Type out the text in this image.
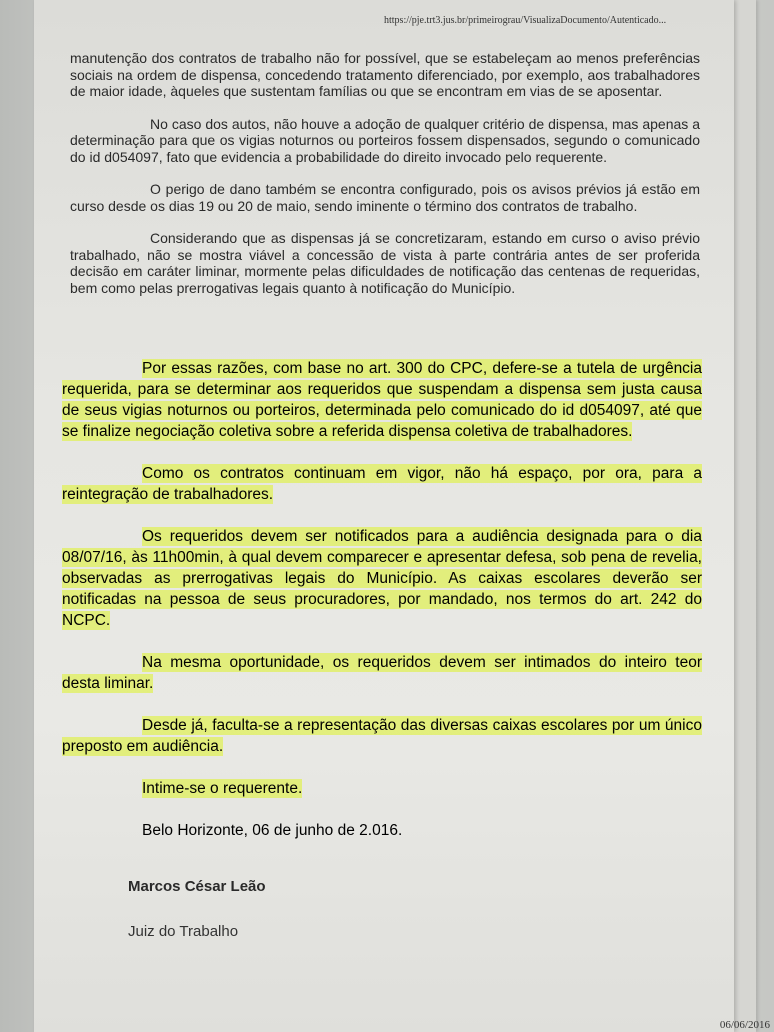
https://pje.trt3.jus.br/primeirograu/VisualizaDocumento/Autenticado...

manutenção dos contratos de trabalho não for possível, que se estabeleçam ao menos preferências sociais na ordem de dispensa, concedendo tratamento diferenciado, por exemplo, aos trabalhadores de maior idade, àqueles que sustentam famílias ou que se encontram em vias de se aposentar.

No caso dos autos, não houve a adoção de qualquer critério de dispensa, mas apenas a determinação para que os vigias noturnos ou porteiros fossem dispensados, segundo o comunicado do id d054097, fato que evidencia a probabilidade do direito invocado pelo requerente.

O perigo de dano também se encontra configurado, pois os avisos prévios já estão em curso desde os dias 19 ou 20 de maio, sendo iminente o término dos contratos de trabalho.

Considerando que as dispensas já se concretizaram, estando em curso o aviso prévio trabalhado, não se mostra viável a concessão de vista à parte contrária antes de ser proferida decisão em caráter liminar, mormente pelas dificuldades de notificação das centenas de requeridas, bem como pelas prerrogativas legais quanto à notificação do Município.

Por essas razões, com base no art. 300 do CPC, defere-se a tutela de urgência requerida, para se determinar aos requeridos que suspendam a dispensa sem justa causa de seus vigias noturnos ou porteiros, determinada pelo comunicado do id d054097, até que se finalize negociação coletiva sobre a referida dispensa coletiva de trabalhadores.

Como os contratos continuam em vigor, não há espaço, por ora, para a reintegração de trabalhadores.

Os requeridos devem ser notificados para a audiência designada para o dia 08/07/16, às 11h00min, à qual devem comparecer e apresentar defesa, sob pena de revelia, observadas as prerrogativas legais do Município. As caixas escolares deverão ser notificadas na pessoa de seus procuradores, por mandado, nos termos do art. 242 do NCPC.

Na mesma oportunidade, os requeridos devem ser intimados do inteiro teor desta liminar.

Desde já, faculta-se a representação das diversas caixas escolares por um único preposto em audiência.

Intime-se o requerente.

Belo Horizonte, 06 de junho de 2.016.

Marcos César Leão

Juiz do Trabalho

06/06/2016
